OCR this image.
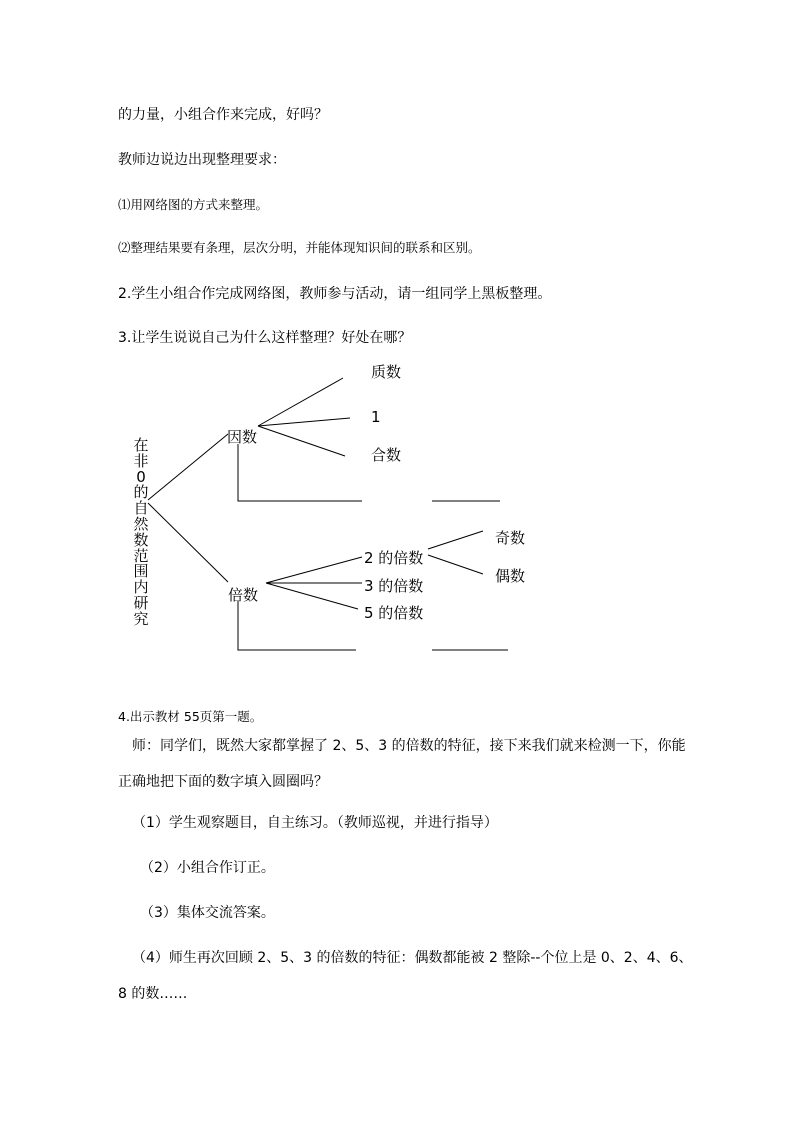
的力量，小组合作来完成，好吗？
教师边说边出现整理要求：
⑴用网络图的方式来整理。
⑵整理结果要有条理，层次分明，并能体现知识间的联系和区别。
2.学生小组合作完成网络图，教师参与活动，请一组同学上黑板整理。
3.让学生说说自己为什么这样整理？好处在哪？
在非0的自然数范围内研究
因数
质数
1
合数
倍数
2 的倍数
3 的倍数
5 的倍数
奇数
偶数
4.出示教材 55页第一题。
师：同学们，既然大家都掌握了 2、5、3 的倍数的特征，接下来我们就来检测一下，你能正确地把下面的数字填入圆圈吗？
（1）学生观察题目，自主练习。（教师巡视，并进行指导）
（2）小组合作订正。
（3）集体交流答案。
（4）师生再次回顾 2、5、3 的倍数的特征：偶数都能被 2 整除--个位上是 0、2、4、6、8 的数……
